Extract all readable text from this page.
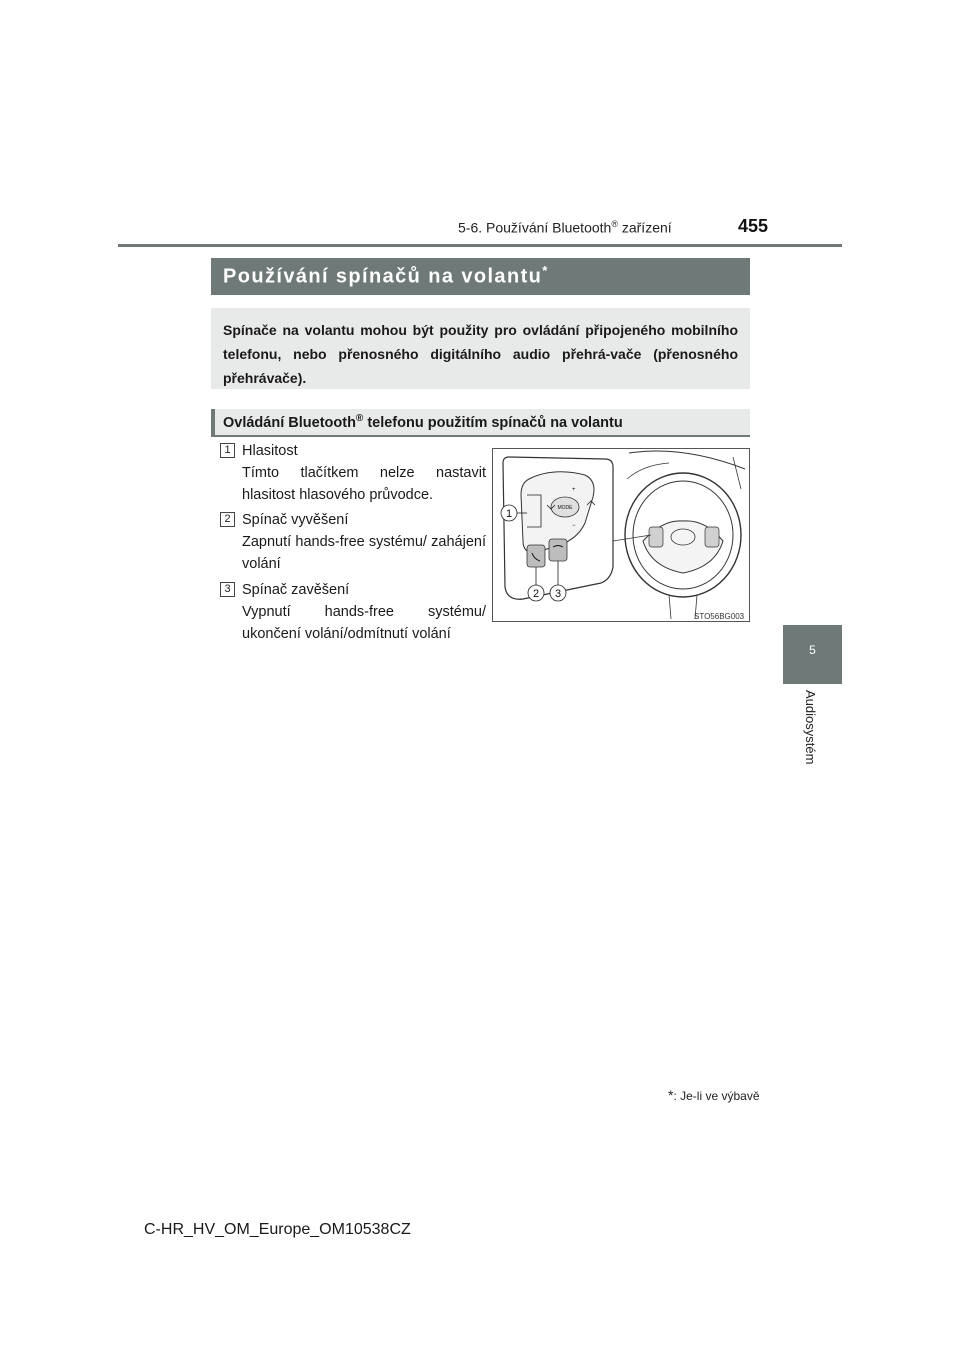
5-6. Používání Bluetooth® zařízení	455
5
Audiosystém
Používání spínačů na volantu*
Spínače na volantu mohou být použity pro ovládání připojeného mobilního telefonu, nebo přenosného digitálního audio přehrá-vače (přenosného přehrávače).
Ovládání Bluetooth® telefonu použitím spínačů na volantu
1 Hlasitost
Tímto tlačítkem nelze nastavit hlasitost hlasového průvodce.
2 Spínač vyvěšení
Zapnutí hands-free systému/ zahájení volání
3 Spínač zavěšení
Vypnutí hands-free systému/ ukončení volání/odmítnutí volání
MODE
+
−
1
2 3
STO56BG003
*: Je-li ve výbavě
C-HR_HV_OM_Europe_OM10538CZ
